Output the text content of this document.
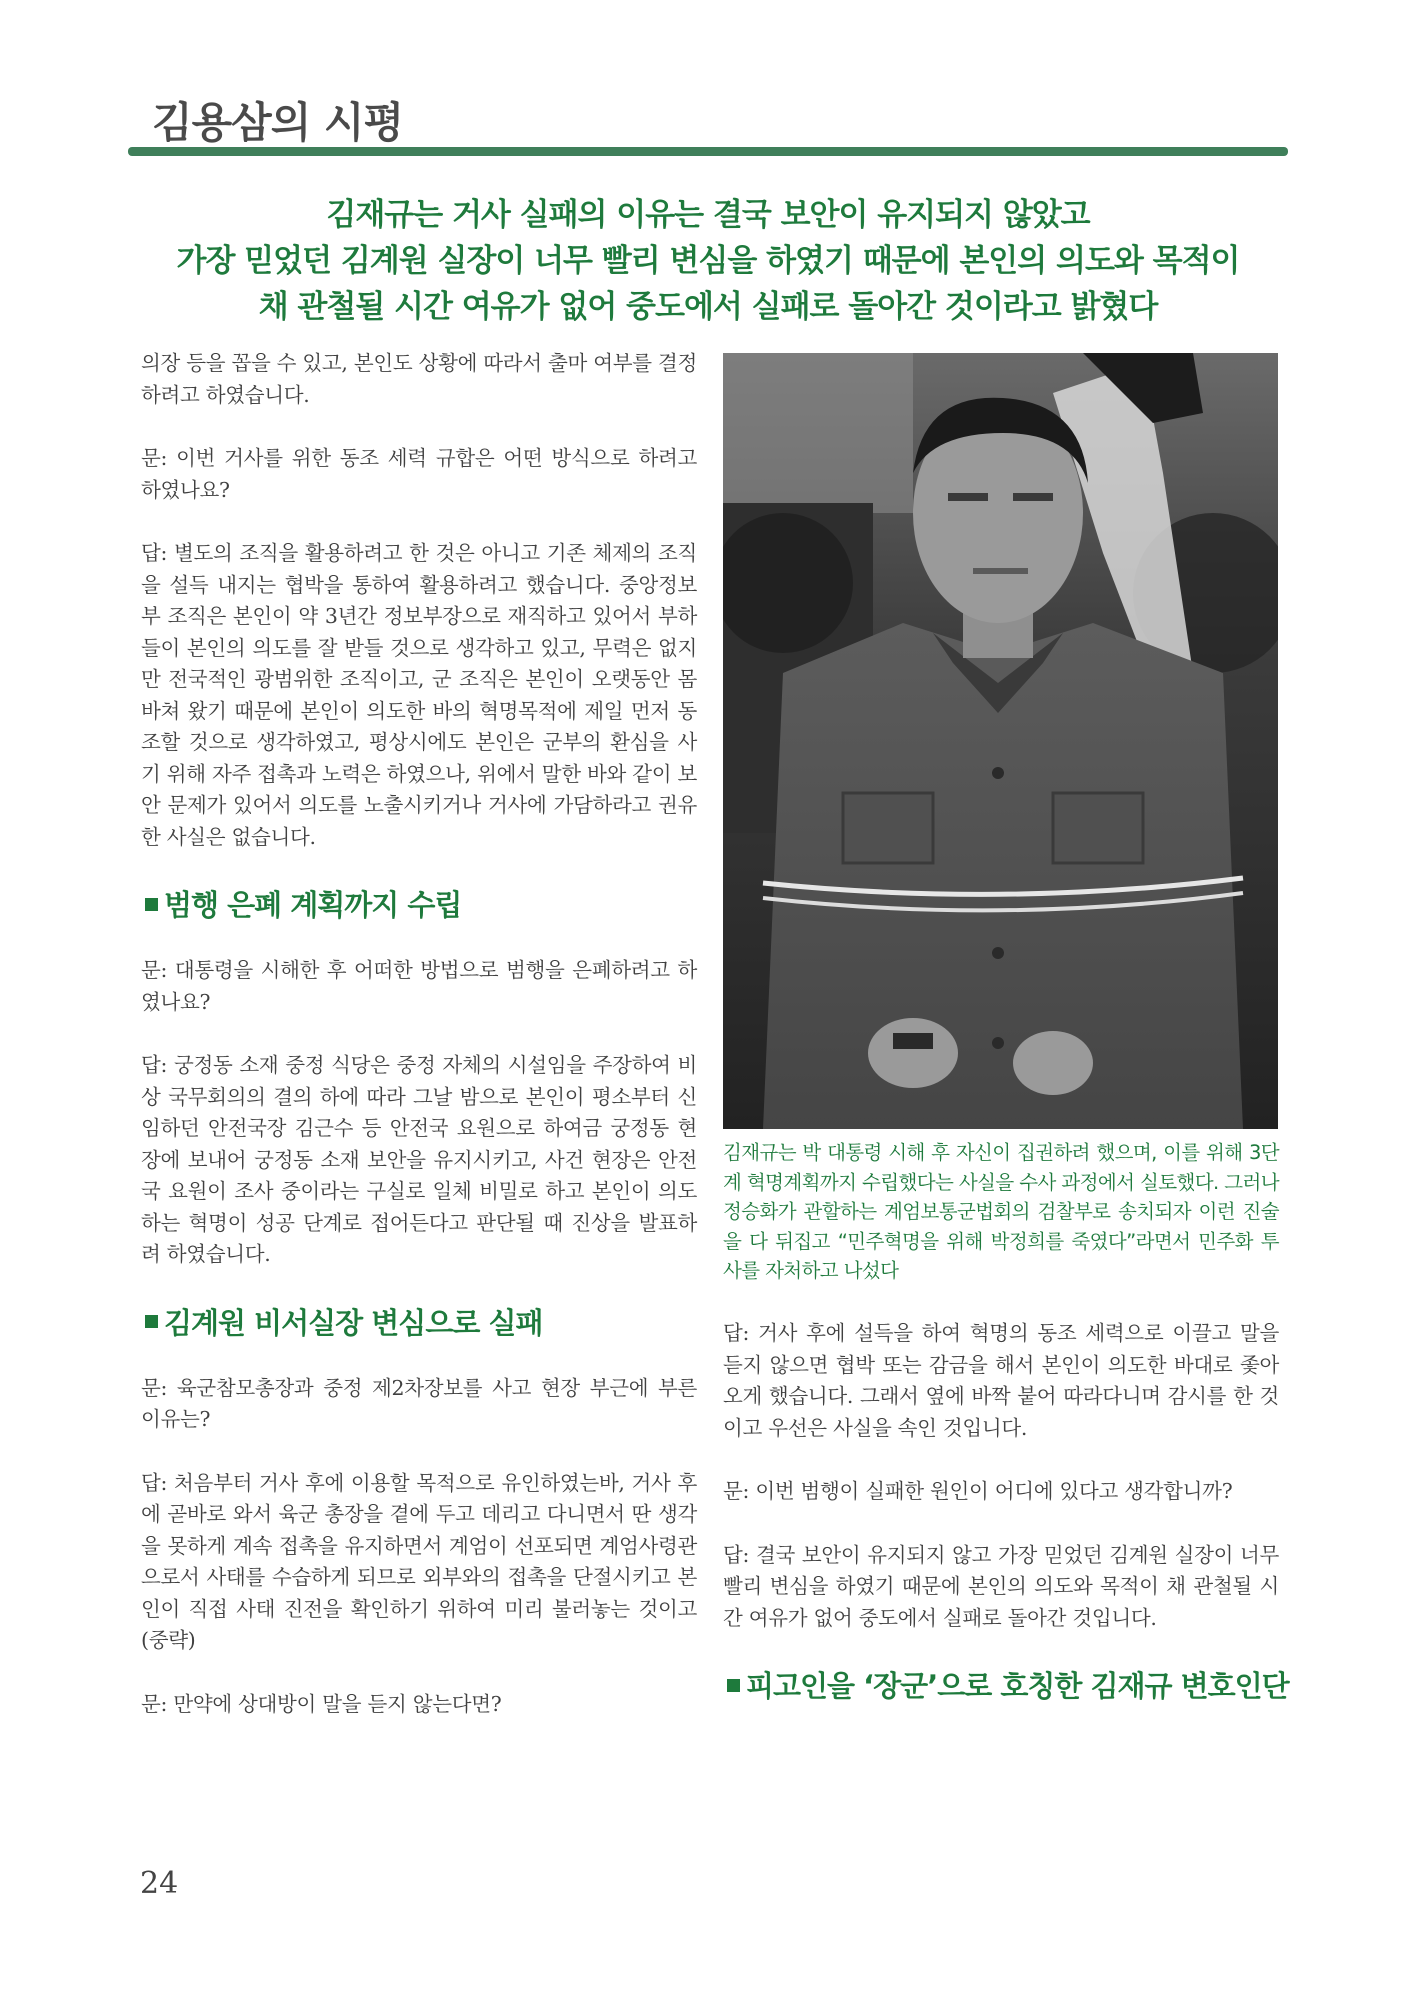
김용삼의 시평
김재규는 거사 실패의 이유는 결국 보안이 유지되지 않았고
가장 믿었던 김계원 실장이 너무 빨리 변심을 하였기 때문에 본인의 의도와 목적이
채 관철될 시간 여유가 없어 중도에서 실패로 돌아간 것이라고 밝혔다

의장 등을 꼽을 수 있고, 본인도 상황에 따라서 출마 여부를 결정하려고 하였습니다.

문: 이번 거사를 위한 동조 세력 규합은 어떤 방식으로 하려고 하였나요?

답: 별도의 조직을 활용하려고 한 것은 아니고 기존 체제의 조직을 설득 내지는 협박을 통하여 활용하려고 했습니다. 중앙정보부 조직은 본인이 약 3년간 정보부장으로 재직하고 있어서 부하들이 본인의 의도를 잘 받들 것으로 생각하고 있고, 무력은 없지만 전국적인 광범위한 조직이고, 군 조직은 본인이 오랫동안 몸 바쳐 왔기 때문에 본인이 의도한 바의 혁명목적에 제일 먼저 동조할 것으로 생각하였고, 평상시에도 본인은 군부의 환심을 사기 위해 자주 접촉과 노력은 하였으나, 위에서 말한 바와 같이 보안 문제가 있어서 의도를 노출시키거나 거사에 가담하라고 권유한 사실은 없습니다.

범행 은폐 계획까지 수립

문: 대통령을 시해한 후 어떠한 방법으로 범행을 은폐하려고 하였나요?

답: 궁정동 소재 중정 식당은 중정 자체의 시설임을 주장하여 비상 국무회의의 결의 하에 따라 그날 밤으로 본인이 평소부터 신임하던 안전국장 김근수 등 안전국 요원으로 하여금 궁정동 현장에 보내어 궁정동 소재 보안을 유지시키고, 사건 현장은 안전국 요원이 조사 중이라는 구실로 일체 비밀로 하고 본인이 의도하는 혁명이 성공 단계로 접어든다고 판단될 때 진상을 발표하려 하였습니다.

김계원 비서실장 변심으로 실패

문: 육군참모총장과 중정 제2차장보를 사고 현장 부근에 부른 이유는?

답: 처음부터 거사 후에 이용할 목적으로 유인하였는바, 거사 후에 곧바로 와서 육군 총장을 곁에 두고 데리고 다니면서 딴 생각을 못하게 계속 접촉을 유지하면서 계엄이 선포되면 계엄사령관으로서 사태를 수습하게 되므로 외부와의 접촉을 단절시키고 본인이 직접 사태 진전을 확인하기 위하여 미리 불러놓는 것이고 (중략)

문: 만약에 상대방이 말을 듣지 않는다면?

김재규는 박 대통령 시해 후 자신이 집권하려 했으며, 이를 위해 3단계 혁명계획까지 수립했다는 사실을 수사 과정에서 실토했다. 그러나 정승화가 관할하는 계엄보통군법회의 검찰부로 송치되자 이런 진술을 다 뒤집고 “민주혁명을 위해 박정희를 죽였다”라면서 민주화 투사를 자처하고 나섰다

답: 거사 후에 설득을 하여 혁명의 동조 세력으로 이끌고 말을 듣지 않으면 협박 또는 감금을 해서 본인이 의도한 바대로 좇아오게 했습니다. 그래서 옆에 바짝 붙어 따라다니며 감시를 한 것이고 우선은 사실을 속인 것입니다.

문: 이번 범행이 실패한 원인이 어디에 있다고 생각합니까?

답: 결국 보안이 유지되지 않고 가장 믿었던 김계원 실장이 너무 빨리 변심을 하였기 때문에 본인의 의도와 목적이 채 관철될 시간 여유가 없어 중도에서 실패로 돌아간 것입니다.

피고인을 ‘장군’으로 호칭한 김재규 변호인단
24
